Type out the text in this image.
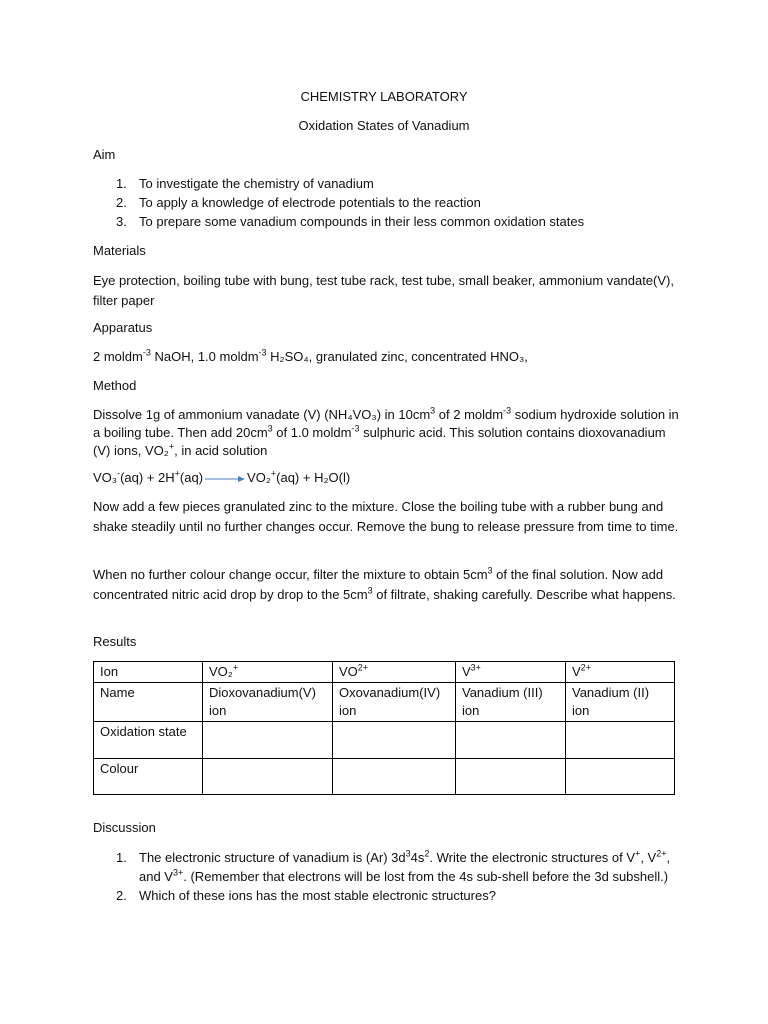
CHEMISTRY LABORATORY
Oxidation States of Vanadium
Aim
1. To investigate the chemistry of vanadium
2. To apply a knowledge of electrode potentials to the reaction
3. To prepare some vanadium compounds in their less common oxidation states
Materials
Eye protection, boiling tube with bung, test tube rack, test tube, small beaker, ammonium vandate(V), filter paper
Apparatus
2 moldm$^{-3}$ NaOH, 1.0 moldm$^{-3}$ H₂SO₄, granulated zinc, concentrated HNO₃,
Method
Dissolve 1g of ammonium vanadate (V) (NH₄VO₃) in $10cm^3$ of 2 moldm$^{-3}$ sodium hydroxide solution in a boiling tube. Then add $20cm^3$ of 1.0 moldm$^{-3}$ sulphuric acid. This solution contains dioxovanadium (V) ions, VO₂+, in acid solution
VO₃-(aq) + 2H+(aq) → VO₂+(aq) + H₂O(l)
Now add a few pieces granulated zinc to the mixture. Close the boiling tube with a rubber bung and shake steadily until no further changes occur. Remove the bung to release pressure from time to time.
When no further colour change occur, filter the mixture to obtain $5cm^3$ of the final solution. Now add concentrated nitric acid drop by drop to the $5cm^3$ of filtrate, shaking carefully. Describe what happens.
Results
Ion	VO₂+	$VO^{2+}$	$V^{3+}$	$V^{2+}$
Name	Dioxovanadium(V) ion	Oxovanadium(IV) ion	Vanadium (III) ion	Vanadium (II) ion
Oxidation state				
Colour				
Discussion
1. The electronic structure of vanadium is (Ar) $3d^34s^2$. Write the electronic structures of V+, $V^{2+}$, and $V^{3+}$. (Remember that electrons will be lost from the 4s sub-shell before the 3d subshell.)
2. Which of these ions has the most stable electronic structures?
